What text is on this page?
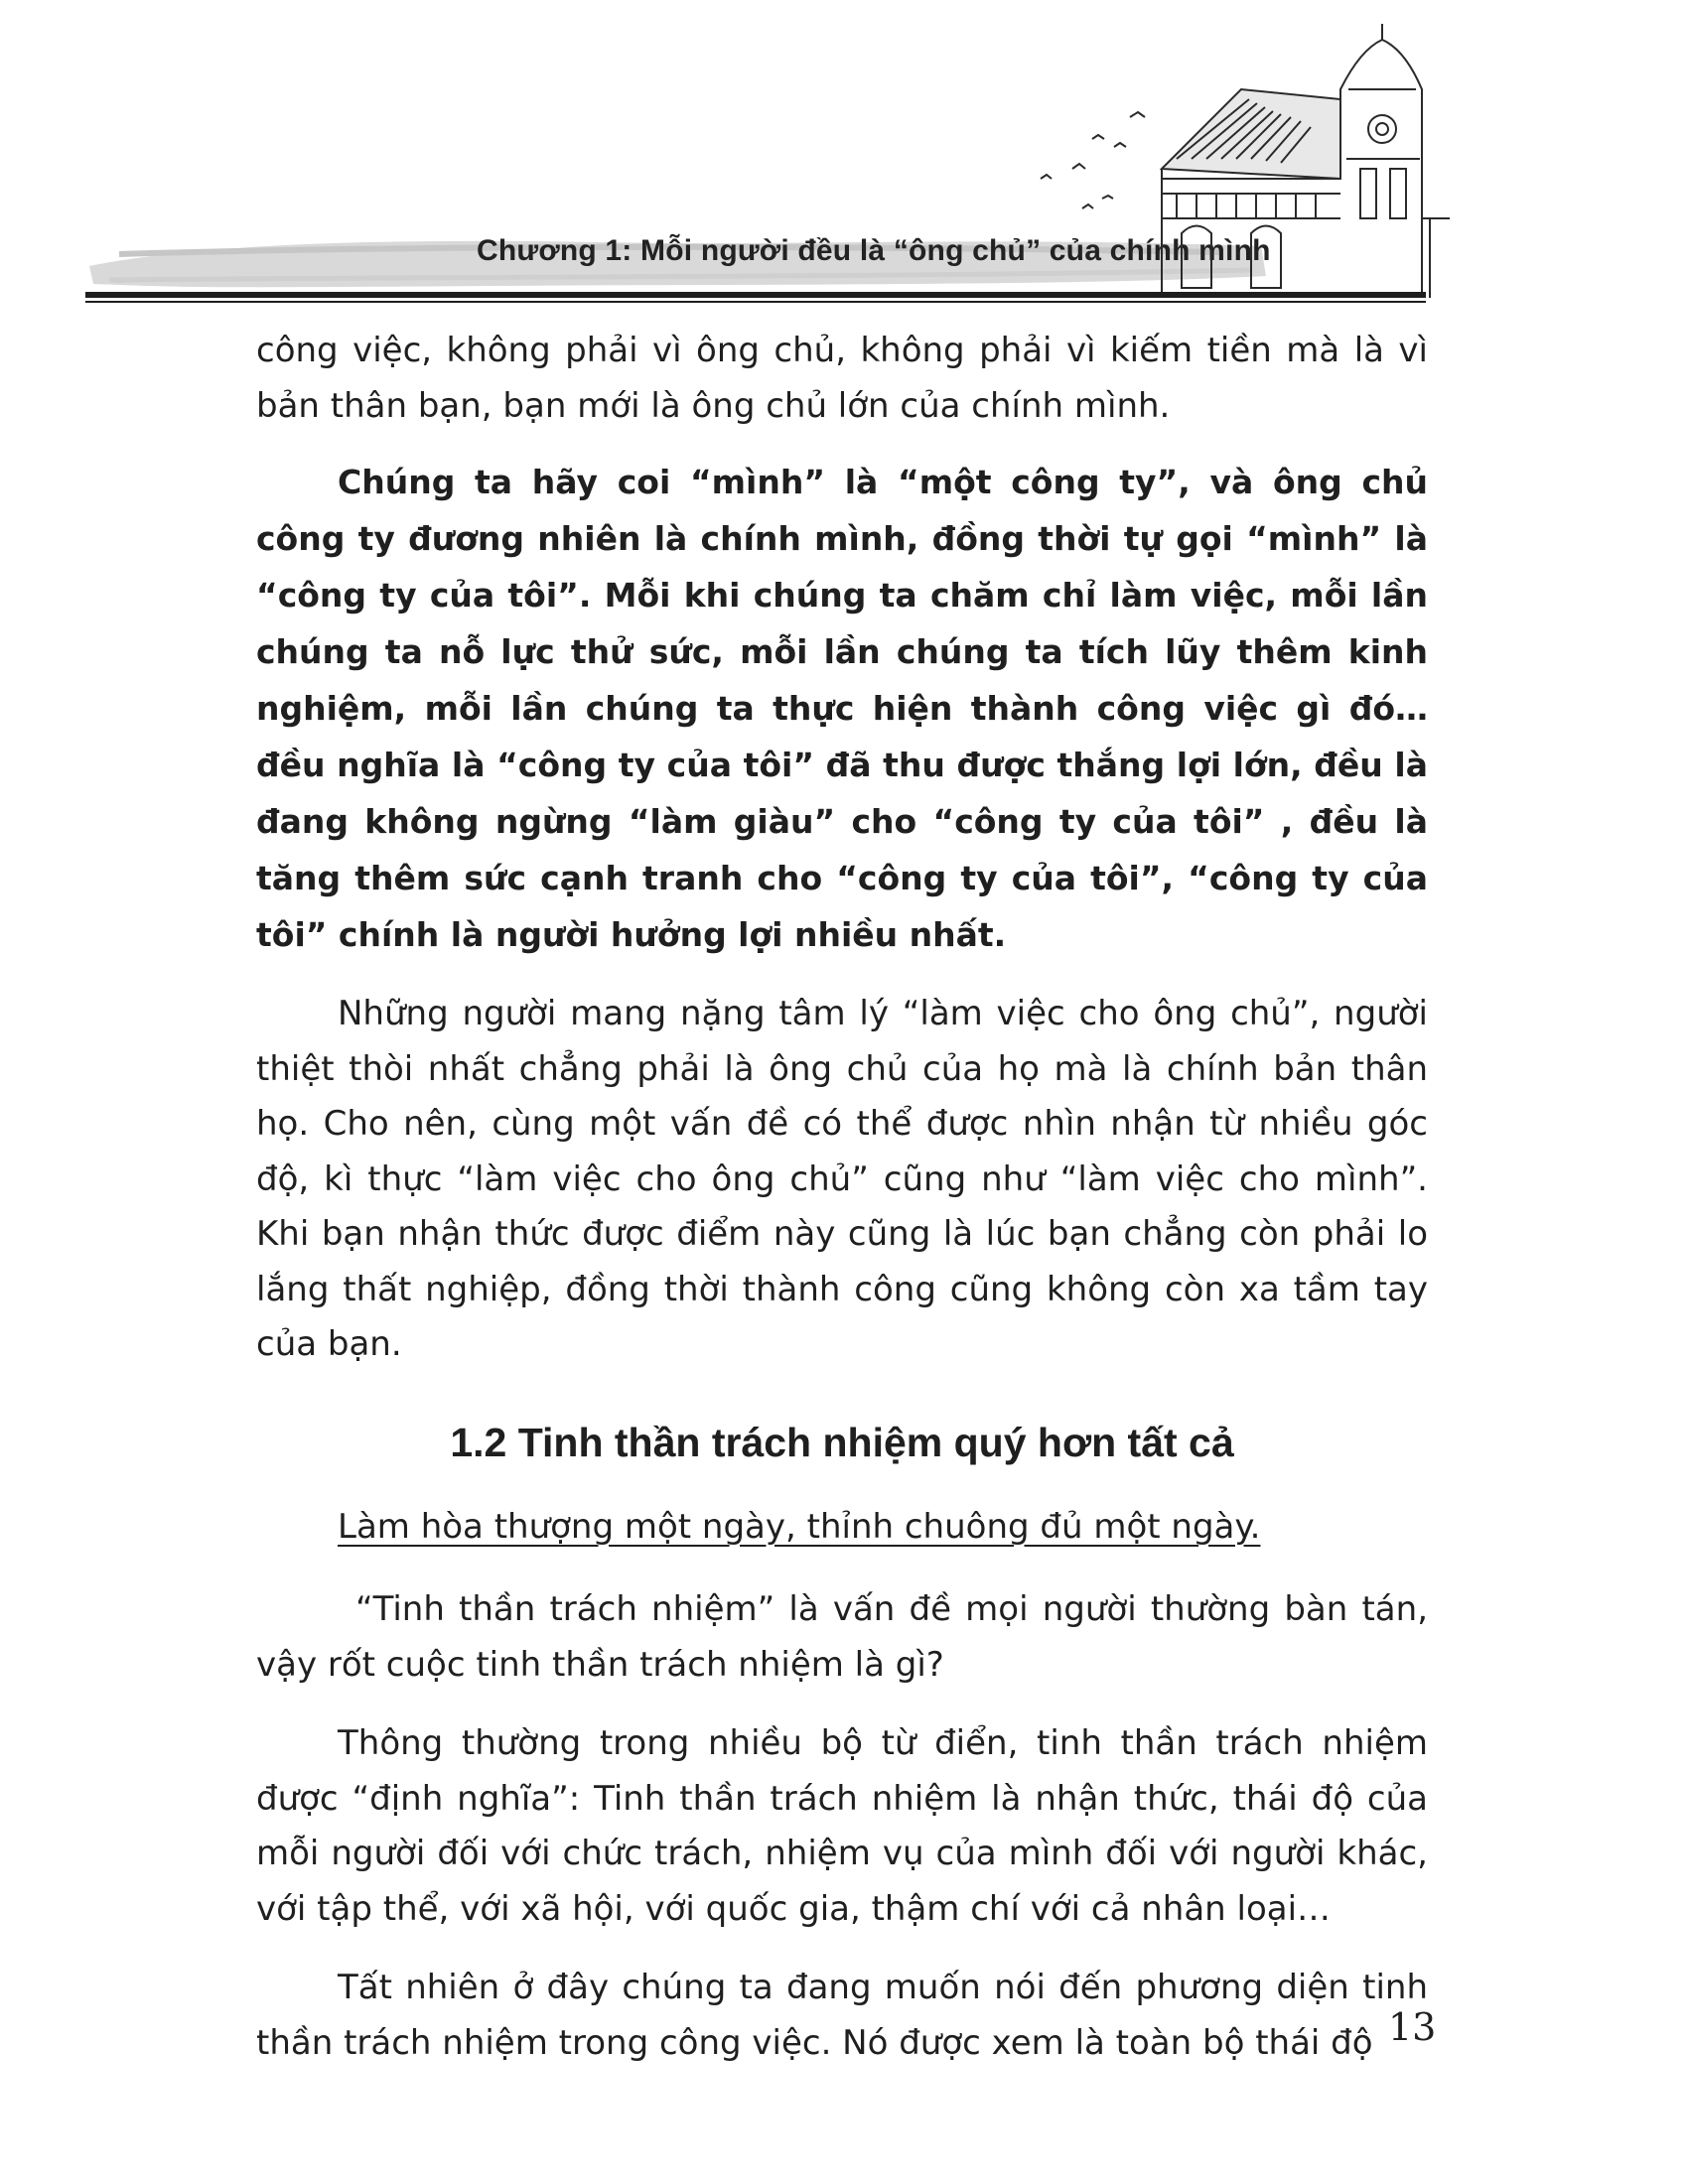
Chương 1: Mỗi người đều là “ông chủ” của chính mình

công việc, không phải vì ông chủ, không phải vì kiếm tiền mà là vì bản thân bạn, bạn mới là ông chủ lớn của chính mình.

Chúng ta hãy coi “mình” là “một công ty”, và ông chủ công ty đương nhiên là chính mình, đồng thời tự gọi “mình” là “công ty của tôi”. Mỗi khi chúng ta chăm chỉ làm việc, mỗi lần chúng ta nỗ lực thử sức, mỗi lần chúng ta tích lũy thêm kinh nghiệm, mỗi lần chúng ta thực hiện thành công việc gì đó… đều nghĩa là “công ty của tôi” đã thu được thắng lợi lớn, đều là đang không ngừng “làm giàu” cho “công ty của tôi” , đều là tăng thêm sức cạnh tranh cho “công ty của tôi”, “công ty của tôi” chính là người hưởng lợi nhiều nhất.

Những người mang nặng tâm lý “làm việc cho ông chủ”, người thiệt thòi nhất chẳng phải là ông chủ của họ mà là chính bản thân họ. Cho nên, cùng một vấn đề có thể được nhìn nhận từ nhiều góc độ, kì thực “làm việc cho ông chủ” cũng như “làm việc cho mình”. Khi bạn nhận thức được điểm này cũng là lúc bạn chẳng còn phải lo lắng thất nghiệp, đồng thời thành công cũng không còn xa tầm tay của bạn.

1.2 Tinh thần trách nhiệm quý hơn tất cả

Làm hòa thượng một ngày, thỉnh chuông đủ một ngày.

“Tinh thần trách nhiệm” là vấn đề mọi người thường bàn tán, vậy rốt cuộc tinh thần trách nhiệm là gì?

Thông thường trong nhiều bộ từ điển, tinh thần trách nhiệm được “định nghĩa”: Tinh thần trách nhiệm là nhận thức, thái độ của mỗi người đối với chức trách, nhiệm vụ của mình đối với người khác, với tập thể, với xã hội, với quốc gia, thậm chí với cả nhân loại…

Tất nhiên ở đây chúng ta đang muốn nói đến phương diện tinh thần trách nhiệm trong công việc. Nó được xem là toàn bộ thái độ 13
